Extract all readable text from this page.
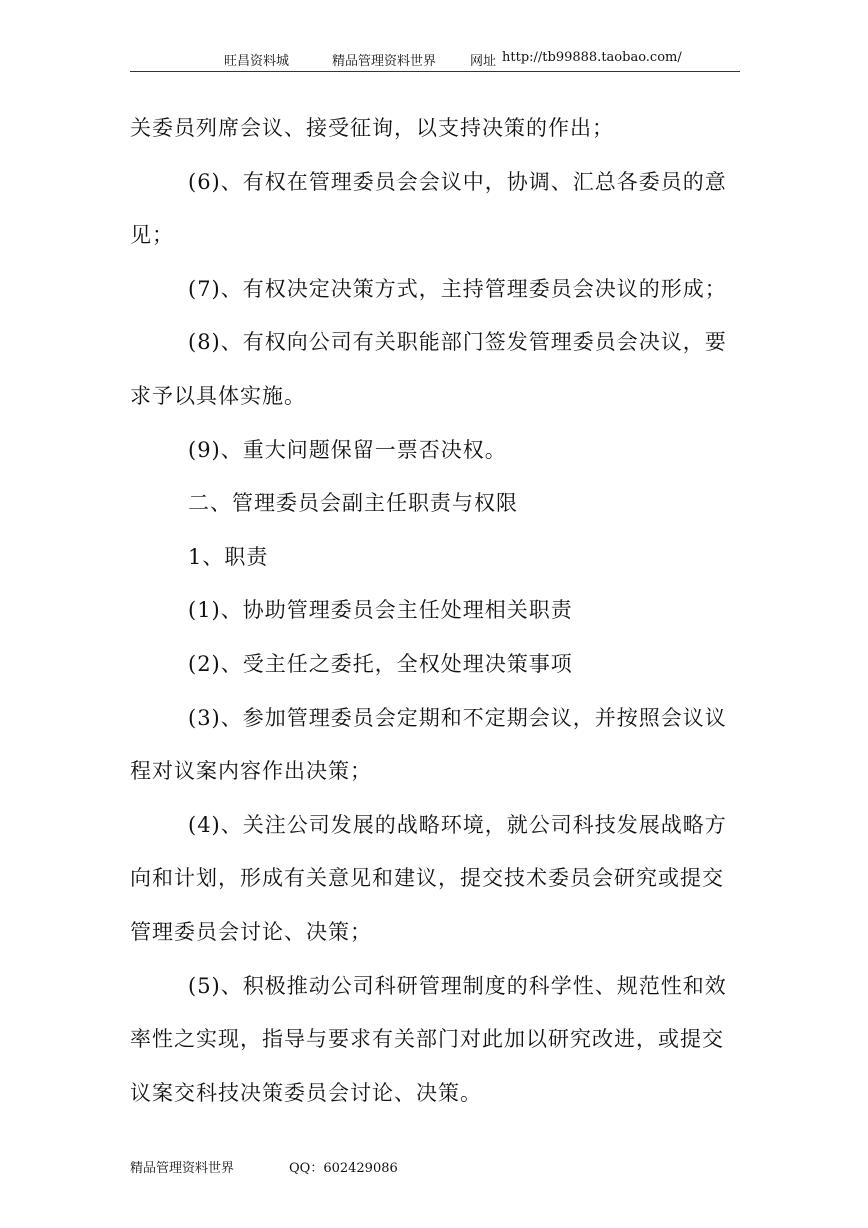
旺昌资料城	精品管理资料世界	网址 http://tb99888.taobao.com/
关委员列席会议、接受征询，以支持决策的作出；
(6)、有权在管理委员会会议中，协调、汇总各委员的意
见；
(7)、有权决定决策方式，主持管理委员会决议的形成；
(8)、有权向公司有关职能部门签发管理委员会决议，要
求予以具体实施。
(9)、重大问题保留一票否决权。
二、管理委员会副主任职责与权限
1、职责
(1)、协助管理委员会主任处理相关职责
(2)、受主任之委托，全权处理决策事项
(3)、参加管理委员会定期和不定期会议，并按照会议议
程对议案内容作出决策；
(4)、关注公司发展的战略环境，就公司科技发展战略方
向和计划，形成有关意见和建议，提交技术委员会研究或提交
管理委员会讨论、决策；
(5)、积极推动公司科研管理制度的科学性、规范性和效
率性之实现，指导与要求有关部门对此加以研究改进，或提交
议案交科技决策委员会讨论、决策。
精品管理资料世界	QQ：602429086
